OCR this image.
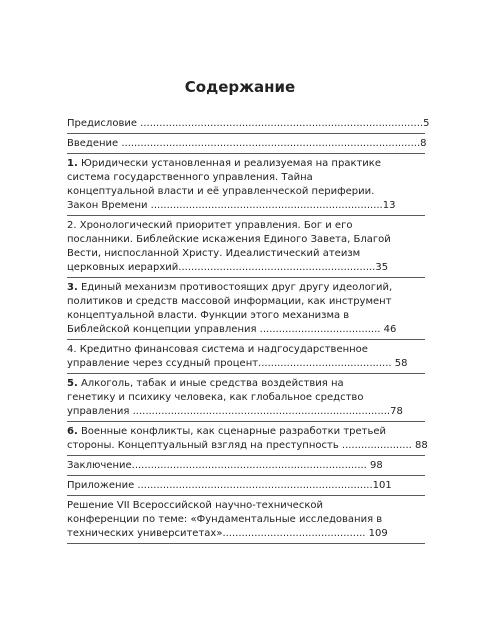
Содержание
Предисловие .........................................................................................5
Введение ..............................................................................................8
1. Юридически установленная и реализуемая на практике
система государственного управления. Тайна
концептуальной власти и её управленческой периферии.
Закон Времени .........................................................................13
2. Хронологический приоритет управления. Бог и его
посланники. Библейские искажения Единого Завета, Благой
Вести, ниспосланной Христу. Идеалистический атеизм
церковных иерархий..............................................................35
3. Единый механизм противостоящих друг другу идеологий,
политиков и средств массовой информации, как инструмент
концептуальной власти. Функции этого механизма в
Библейской концепции управления ...................................... 46
4. Кредитно финансовая система и надгосударственное
управление через ссудный процент.......................................... 58
5. Алкоголь, табак и иные средства воздействия на
генетику и психику человека, как глобальное средство
управления .................................................................................78
6. Военные конфликты, как сценарные разработки третьей
стороны. Концептуальный взгляд на преступность ...................... 88
Заключение.......................................................................... 98
Приложение ..........................................................................101
Решение VII Всероссийской научно-технической
конференции по теме: «Фундаментальные исследования в
технических университетах»............................................. 109
